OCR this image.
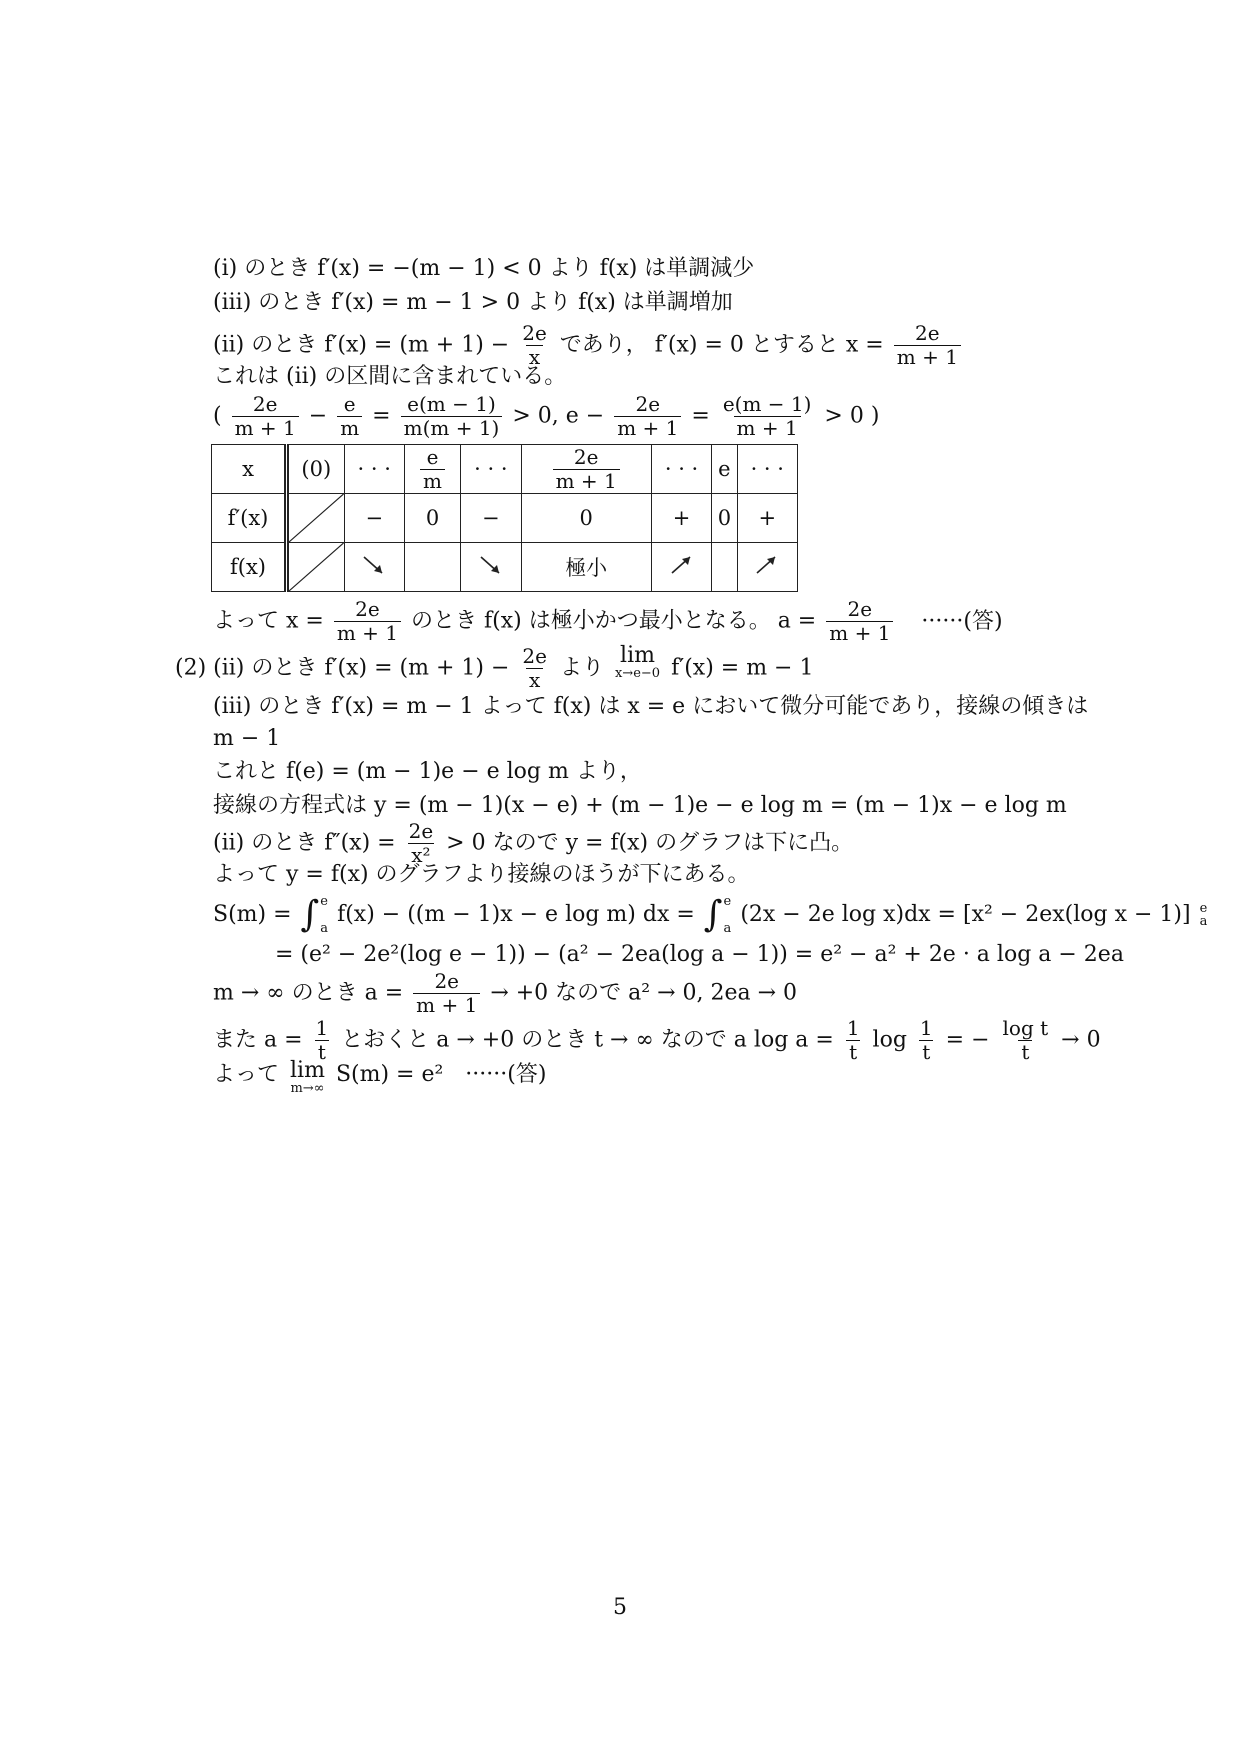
(i) のとき f′(x) = −(m − 1) < 0 より f(x) は単調減少
(iii) のとき f′(x) = m − 1 > 0 より f(x) は単調増加
(ii) のとき $f'(x) = (m + 1) - \frac{2e}{x}$ であり， f′(x) = 0 とすると $x = \frac{2e}{m + 1}$
これは (ii) の区間に含まれている。
( $\frac{2e}{m + 1} - \frac{e}{m} = \frac{e(m - 1)}{m(m + 1)} > 0$, $e - \frac{2e}{m + 1} = \frac{e(m - 1)}{m + 1} > 0$ )
x	(0)	· · ·	$\frac{e}{m}$	· · ·	$\frac{2e}{m + 1}$	· · ·	e	· · ·
f′(x)		−	0	−	0	+	0	+
f(x)					極小			
よって $x = \frac{2e}{m + 1}$ のとき f(x) は極小かつ最小となる。 $a = \frac{2e}{m + 1}$ ······(答)
(2) (ii) のとき $f'(x) = (m + 1) - \frac{2e}{x}$ より lim
x→e−0 f′(x) = m − 1
(iii) のとき f′(x) = m − 1 よって f(x) は x = e において微分可能であり，接線の傾きは
m − 1
これと f(e) = (m − 1)e − e log m より，
接線の方程式は y = (m − 1)(x − e) + (m − 1)e − e log m = (m − 1)x − e log m
(ii) のとき $f''(x) = \frac{2e}{\text{x²}} > 0$ なので y = f(x) のグラフは下に凸。
よって y = f(x) のグラフより接線のほうが下にある。
S(m) = ∫ e
a
f(x) − ((m − 1)x − e log m) dx = ∫ e
a
(2x − 2e log x)dx = [x² − 2ex(log x − 1)] e
a
= (e² − 2e²(log e − 1)) − (a² − 2ea(log a − 1)) = e² − a² + 2e · a log a − 2ea
m → ∞ のとき $a = \frac{2e}{m + 1} \to +0$ なので a² → 0, 2ea → 0
また $a = \frac{1}{t}$ とおくと a → +0 のとき t → ∞ なので a $\log a = \frac{1}{t}$ $\log \frac{1}{t}$ = − $\frac{\text{log t}}{t} \to 0$
よって lim
m→∞
S(m) = e²　······(答)
5
